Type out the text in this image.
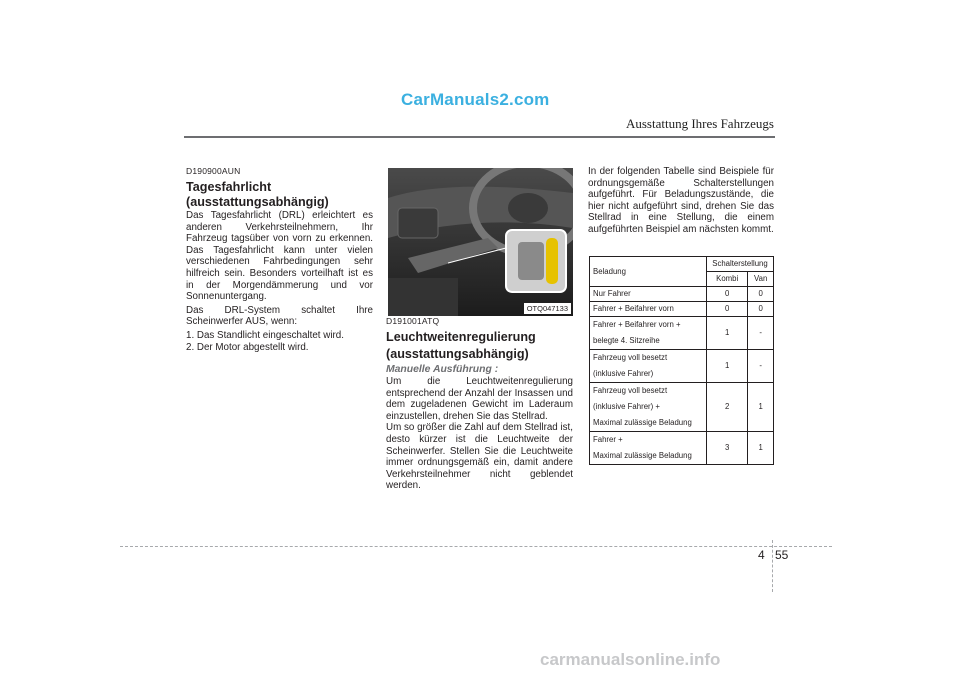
CarManuals2.com
Ausstattung Ihres Fahrzeugs
D190900AUN
Tagesfahrlicht
(ausstattungsabhängig)

Das Tagesfahrlicht (DRL) erleichtert es anderen Verkehrsteilnehmern, Ihr Fahrzeug tagsüber von vorn zu erkennen. Das Tagesfahrlicht kann unter vielen verschiedenen Fahrbedingungen sehr hilfreich sein. Besonders vorteilhaft ist es in der Morgendämmerung und vor Sonnenuntergang.

Das DRL-System schaltet Ihre Scheinwerfer AUS, wenn:

1. Das Standlicht eingeschaltet wird.

2. Der Motor abgestellt wird.

OTQ047133
D191001ATQ
Leuchtweitenregulierung
(ausstattungsabhängig)
Manuelle Ausführung :

Um die Leuchtweitenregulierung entsprechend der Anzahl der Insassen und dem zugeladenen Gewicht im Laderaum einzustellen, drehen Sie das Stellrad.

Um so größer die Zahl auf dem Stellrad ist, desto kürzer ist die Leuchtweite der Scheinwerfer. Stellen Sie die Leuchtweite immer ordnungsgemäß ein, damit andere Verkehrsteilnehmer nicht geblendet werden.

In der folgenden Tabelle sind Beispiele für ordnungsgemäße Schalterstellungen aufgeführt. Für Beladungszustände, die hier nicht aufgeführt sind, drehen Sie das Stellrad in eine Stellung, die einem aufgeführten Beispiel am nächsten kommt.
Beladung	Schalterstellung	
	Kombi	Van

Nur Fahrer	0	0

Fahrer + Beifahrer vorn	0	0

Fahrer + Beifahrer vorn +
belegte 4. Sitzreihe	1	-

Fahrzeug voll besetzt
(inklusive Fahrer)	1	-

Fahrzeug voll besetzt
(inklusive Fahrer) +
Maximal zulässige Beladung	2	1

Fahrer +
Maximal zulässige Beladung	3	1
4 55
carmanualsonline.info
